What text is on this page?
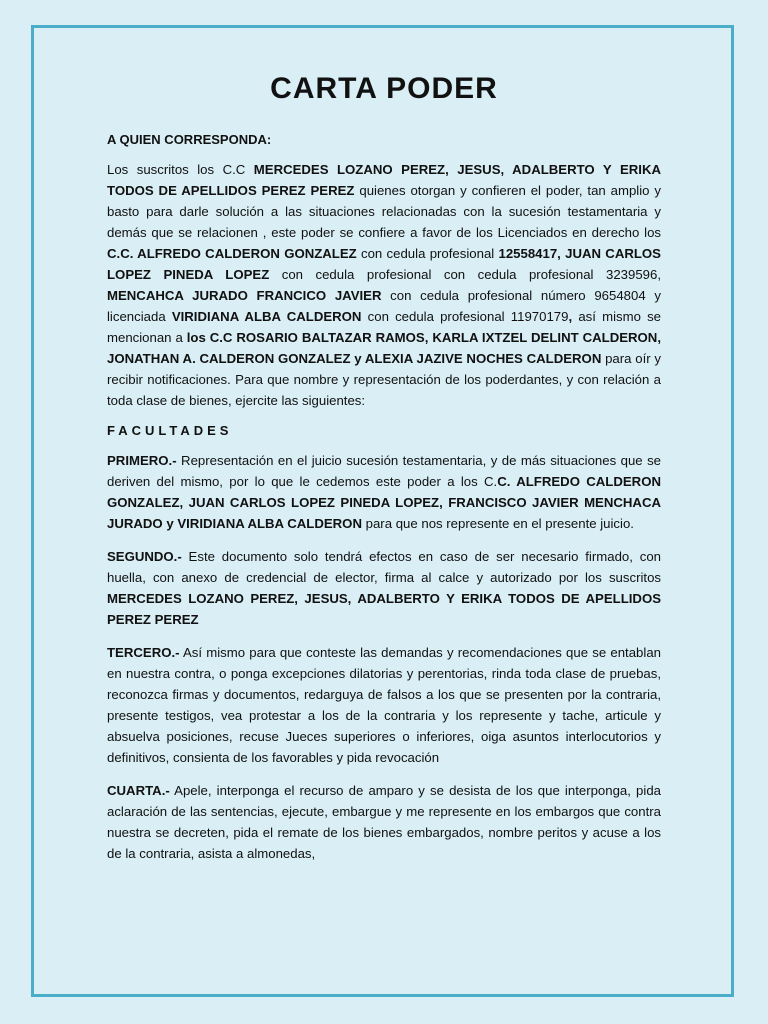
CARTA PODER
A QUIEN CORRESPONDA:

Los suscritos los C.C MERCEDES LOZANO PEREZ, JESUS, ADALBERTO Y ERIKA TODOS DE APELLIDOS PEREZ PEREZ quienes otorgan y confieren el poder, tan amplio y basto para darle solución a las situaciones relacionadas con la sucesión testamentaria y demás que se relacionen , este poder se confiere a favor de los Licenciados en derecho los C.C. ALFREDO CALDERON GONZALEZ con cedula profesional 12558417, JUAN CARLOS LOPEZ PINEDA LOPEZ con cedula profesional con cedula profesional 3239596, MENCAHCA JURADO FRANCICO JAVIER con cedula profesional número 9654804 y licenciada VIRIDIANA ALBA CALDERON con cedula profesional 11970179, así mismo se mencionan a los C.C ROSARIO BALTAZAR RAMOS, KARLA IXTZEL DELINT CALDERON, JONATHAN A. CALDERON GONZALEZ y ALEXIA JAZIVE NOCHES CALDERON para oír y recibir notificaciones. Para que nombre y representación de los poderdantes, y con relación a toda clase de bienes, ejercite las siguientes:

FACULTADES

PRIMERO.- Representación en el juicio sucesión testamentaria, y de más situaciones que se deriven del mismo, por lo que le cedemos este poder a los C.C. ALFREDO CALDERON GONZALEZ, JUAN CARLOS LOPEZ PINEDA LOPEZ, FRANCISCO JAVIER MENCHACA JURADO y VIRIDIANA ALBA CALDERON para que nos represente en el presente juicio.

SEGUNDO.- Este documento solo tendrá efectos en caso de ser necesario firmado, con huella, con anexo de credencial de elector, firma al calce y autorizado por los suscritos MERCEDES LOZANO PEREZ, JESUS, ADALBERTO Y ERIKA TODOS DE APELLIDOS PEREZ PEREZ

TERCERO.- Así mismo para que conteste las demandas y recomendaciones que se entablan en nuestra contra, o ponga excepciones dilatorias y perentorias, rinda toda clase de pruebas, reconozca firmas y documentos, redarguya de falsos a los que se presenten por la contraria, presente testigos, vea protestar a los de la contraria y los represente y tache, articule y absuelva posiciones, recuse Jueces superiores o inferiores, oiga asuntos interlocutorios y definitivos, consienta de los favorables y pida revocación

CUARTA.- Apele, interponga el recurso de amparo y se desista de los que interponga, pida aclaración de las sentencias, ejecute, embargue y me represente en los embargos que contra nuestra se decreten, pida el remate de los bienes embargados, nombre peritos y acuse a los de la contraria, asista a almonedas,
